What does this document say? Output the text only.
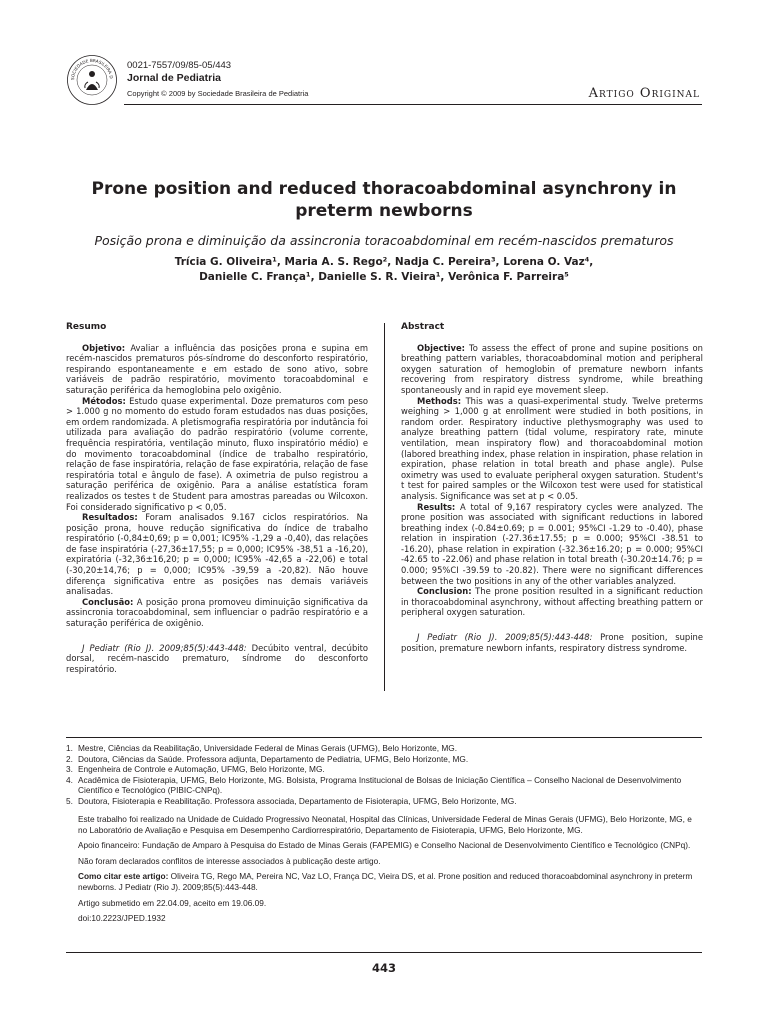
SOCIEDADE BRASILEIRA D
0021-7557/09/85-05/443
Jornal de Pediatria
Copyright © 2009 by Sociedade Brasileira de Pediatria	Artigo Original
Prone position and reduced thoracoabdominal asynchrony in preterm newborns
Posição prona e diminuição da assincronia toracoabdominal em recém-nascidos prematuros
Trícia G. Oliveira¹, Maria A. S. Rego², Nadja C. Pereira³, Lorena O. Vaz⁴,
Danielle C. França¹, Danielle S. R. Vieira¹, Verônica F. Parreira⁵
Resumo

Objetivo: Avaliar a influência das posições prona e supina em recém-nascidos prematuros pós-síndrome do desconforto respiratório, respirando espontaneamente e em estado de sono ativo, sobre variáveis de padrão respiratório, movimento toracoabdominal e saturação periférica da hemoglobina pelo oxigênio.

Métodos: Estudo quase experimental. Doze prematuros com peso > 1.000 g no momento do estudo foram estudados nas duas posições, em ordem randomizada. A pletismografia respiratória por indutância foi utilizada para avaliação do padrão respiratório (volume corrente, frequência respiratória, ventilação minuto, fluxo inspiratório médio) e do movimento toracoabdominal (índice de trabalho respiratório, relação de fase inspiratória, relação de fase expiratória, relação de fase respiratória total e ângulo de fase). A oximetria de pulso registrou a saturação periférica de oxigênio. Para a análise estatística foram realizados os testes t de Student para amostras pareadas ou Wilcoxon. Foi considerado significativo p < 0,05.

Resultados: Foram analisados 9.167 ciclos respiratórios. Na posição prona, houve redução significativa do índice de trabalho respiratório (-0,84±0,69; p = 0,001; IC95% -1,29 a -0,40), das relações de fase inspiratória (-27,36±17,55; p = 0,000; IC95% -38,51 a -16,20), expiratória (-32,36±16,20; p = 0,000; IC95% -42,65 a -22,06) e total (-30,20±14,76; p = 0,000; IC95% -39,59 a -20,82). Não houve diferença significativa entre as posições nas demais variáveis analisadas.

Conclusão: A posição prona promoveu diminuição significativa da assincronia toracoabdominal, sem influenciar o padrão respiratório e a saturação periférica de oxigênio.

J Pediatr (Rio J). 2009;85(5):443-448: Decúbito ventral, decúbito dorsal, recém-nascido prematuro, síndrome do desconforto respiratório.

Abstract

Objective: To assess the effect of prone and supine positions on breathing pattern variables, thoracoabdominal motion and peripheral oxygen saturation of hemoglobin of premature newborn infants recovering from respiratory distress syndrome, while breathing spontaneously and in rapid eye movement sleep.

Methods: This was a quasi-experimental study. Twelve preterms weighing > 1,000 g at enrollment were studied in both positions, in random order. Respiratory inductive plethysmography was used to analyze breathing pattern (tidal volume, respiratory rate, minute ventilation, mean inspiratory flow) and thoracoabdominal motion (labored breathing index, phase relation in inspiration, phase relation in expiration, phase relation in total breath and phase angle). Pulse oximetry was used to evaluate peripheral oxygen saturation. Student's t test for paired samples or the Wilcoxon test were used for statistical analysis. Significance was set at p < 0.05.

Results: A total of 9,167 respiratory cycles were analyzed. The prone position was associated with significant reductions in labored breathing index (-0.84±0.69; p = 0.001; 95%CI -1.29 to -0.40), phase relation in inspiration (-27.36±17.55; p = 0.000; 95%CI -38.51 to -16.20), phase relation in expiration (-32.36±16.20; p = 0.000; 95%CI -42.65 to -22.06) and phase relation in total breath (-30.20±14.76; p = 0.000; 95%CI -39.59 to -20.82). There were no significant differences between the two positions in any of the other variables analyzed.

Conclusion: The prone position resulted in a significant reduction in thoracoabdominal asynchrony, without affecting breathing pattern or peripheral oxygen saturation.

J Pediatr (Rio J). 2009;85(5):443-448: Prone position, supine position, premature newborn infants, respiratory distress syndrome.

1. Mestre, Ciências da Reabilitação, Universidade Federal de Minas Gerais (UFMG), Belo Horizonte, MG.
2. Doutora, Ciências da Saúde. Professora adjunta, Departamento de Pediatria, UFMG, Belo Horizonte, MG.
3. Engenheira de Controle e Automação, UFMG, Belo Horizonte, MG.
4. Acadêmica de Fisioterapia, UFMG, Belo Horizonte, MG. Bolsista, Programa Institucional de Bolsas de Iniciação Científica – Conselho Nacional de Desenvolvimento Científico e Tecnológico (PIBIC-CNPq).
5. Doutora, Fisioterapia e Reabilitação. Professora associada, Departamento de Fisioterapia, UFMG, Belo Horizonte, MG.

Este trabalho foi realizado na Unidade de Cuidado Progressivo Neonatal, Hospital das Clínicas, Universidade Federal de Minas Gerais (UFMG), Belo Horizonte, MG, e no Laboratório de Avaliação e Pesquisa em Desempenho Cardiorrespiratório, Departamento de Fisioterapia, UFMG, Belo Horizonte, MG.

Apoio financeiro: Fundação de Amparo à Pesquisa do Estado de Minas Gerais (FAPEMIG) e Conselho Nacional de Desenvolvimento Científico e Tecnológico (CNPq).

Não foram declarados conflitos de interesse associados à publicação deste artigo.

Como citar este artigo: Oliveira TG, Rego MA, Pereira NC, Vaz LO, França DC, Vieira DS, et al. Prone position and reduced thoracoabdominal asynchrony in preterm newborns. J Pediatr (Rio J). 2009;85(5):443-448.

Artigo submetido em 22.04.09, aceito em 19.06.09.

doi:10.2223/JPED.1932

443
